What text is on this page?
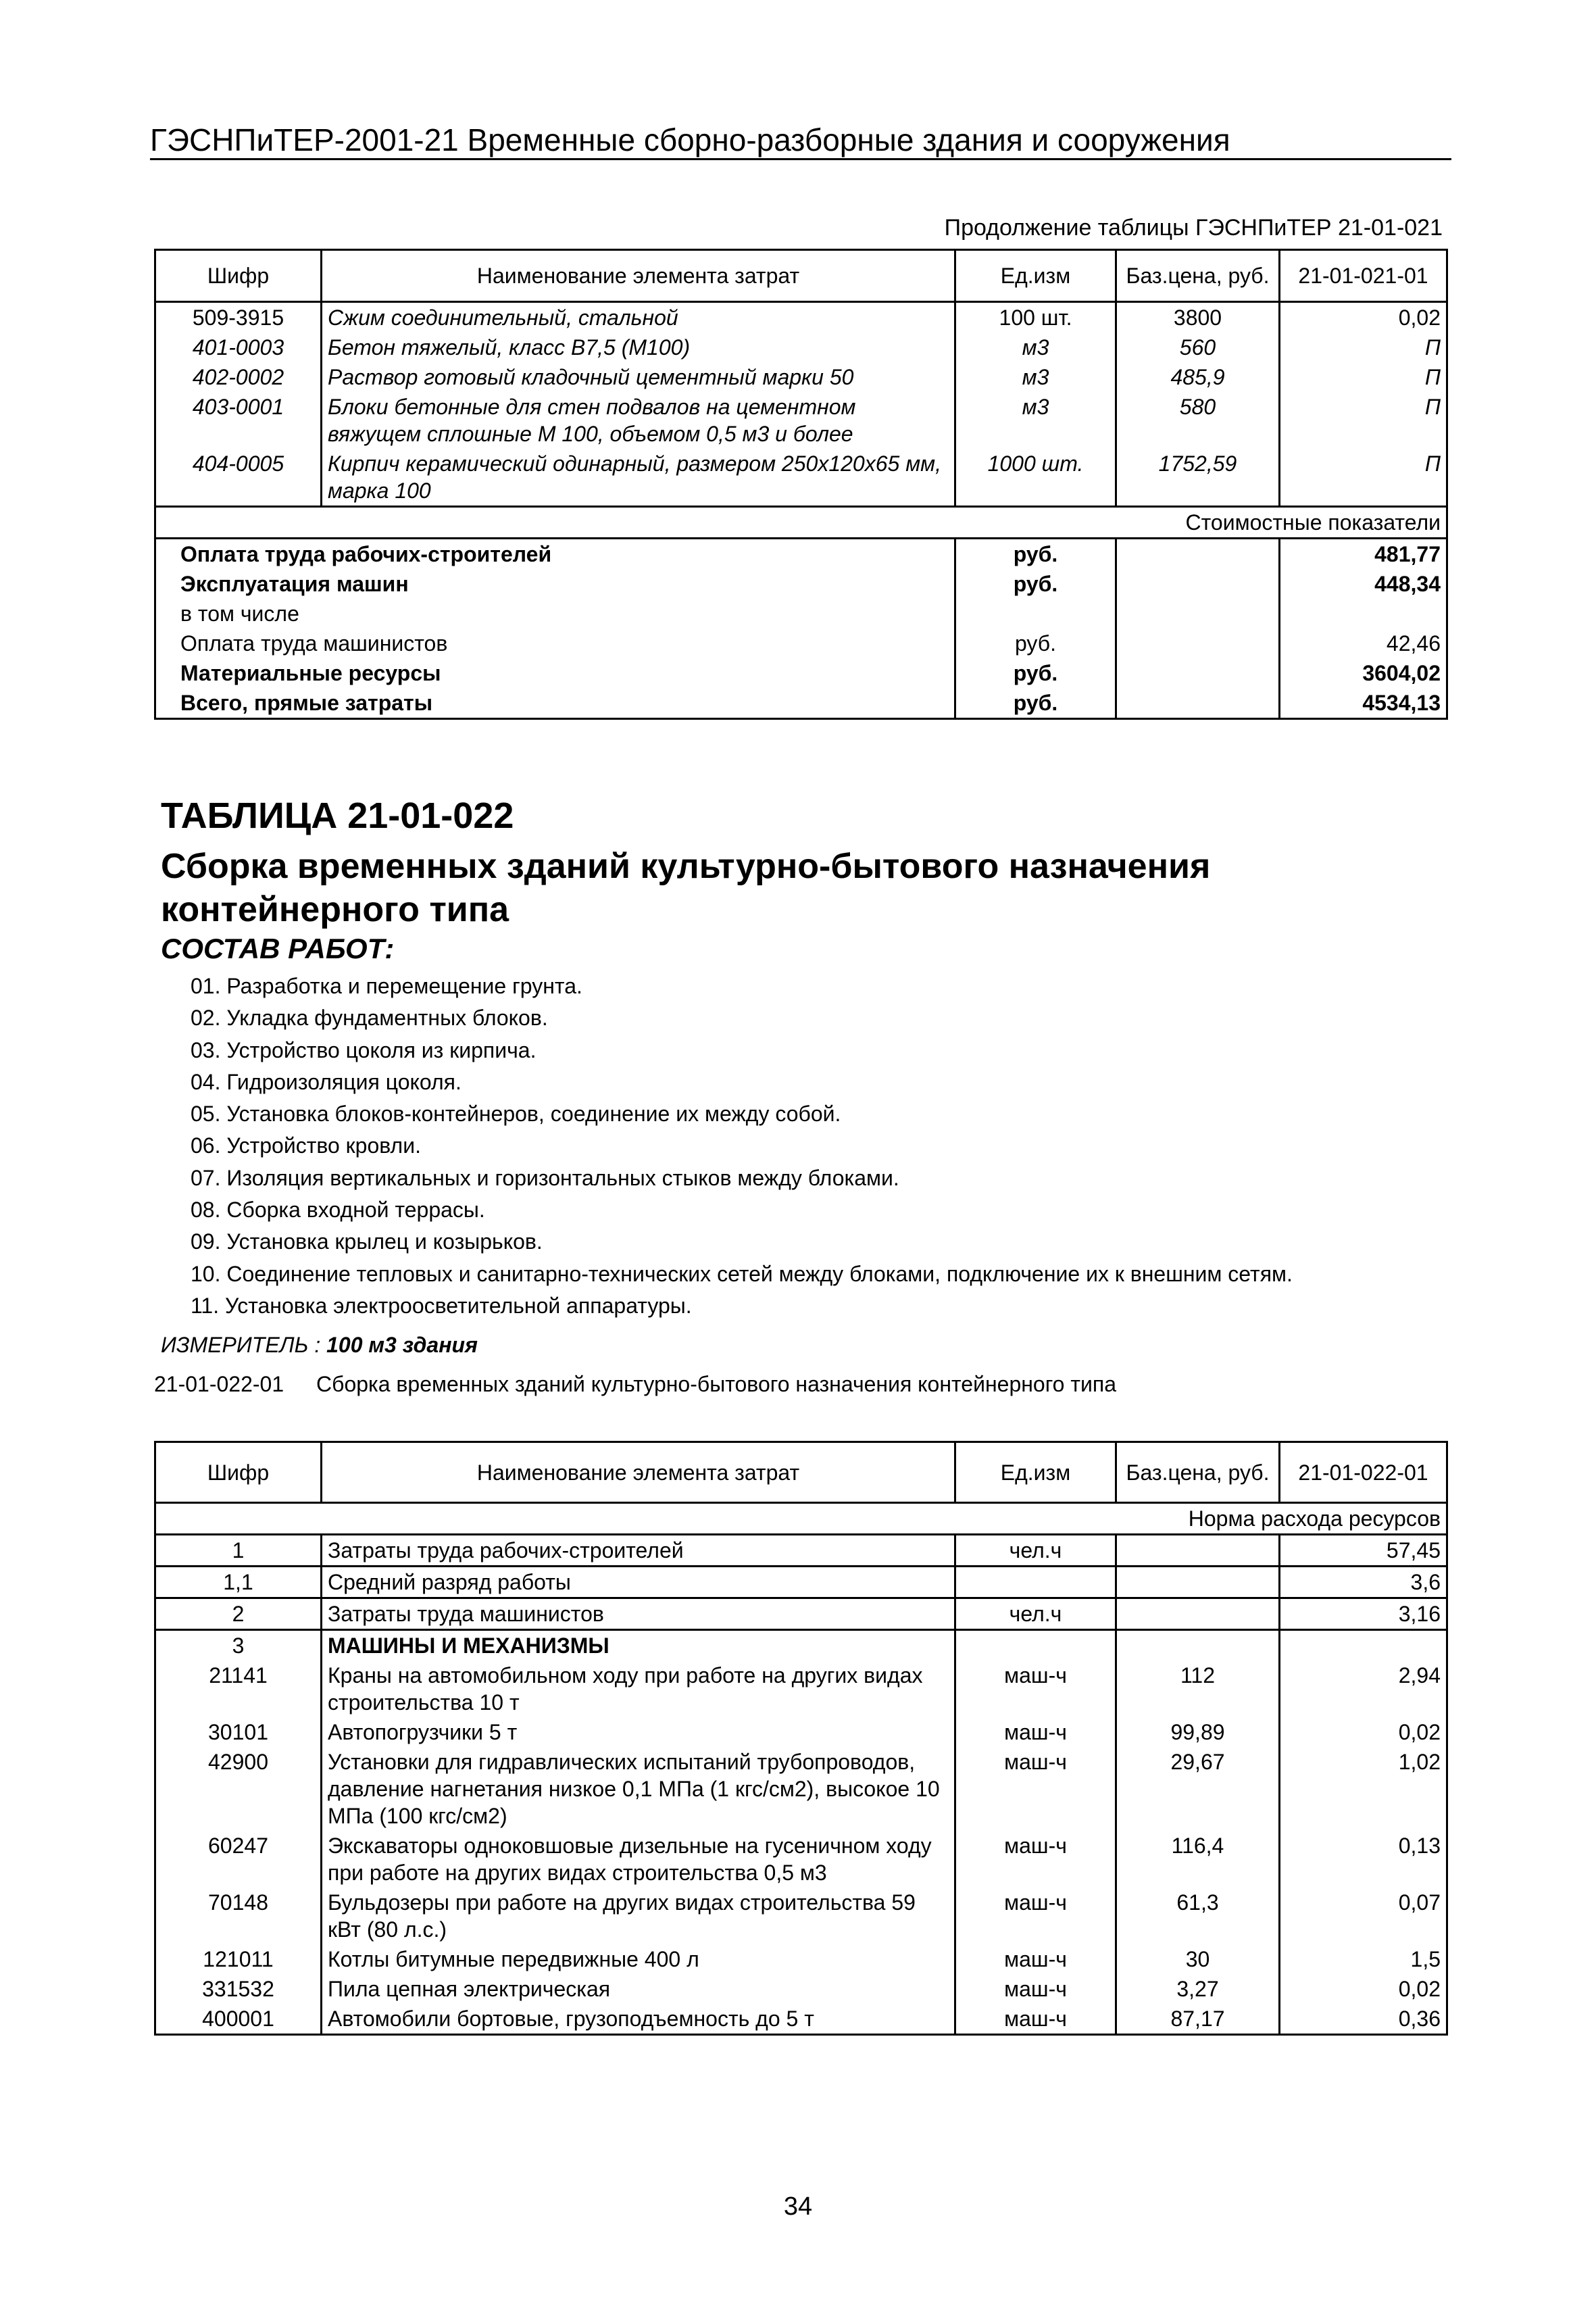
ГЭСНПиТЕР-2001-21 Временные сборно-разборные здания и сооружения
Продолжение таблицы ГЭСНПиТЕР 21-01-021
Шифр	Наименование элемента затрат	Ед.изм	Баз.цена, руб.	21-01-021-01
509-3915	Сжим соединительный, стальной	100 шт.	3800	0,02
401-0003	Бетон тяжелый, класс В7,5 (М100)	м3	560	П
402-0002	Раствор готовый кладочный цементный марки 50	м3	485,9	П
403-0001	Блоки бетонные для стен подвалов на цементном вяжущем сплошные М 100, объемом 0,5 м3 и более	м3	580	П
404-0005	Кирпич керамический одинарный, размером 250х120х65 мм, марка 100	1000 шт.	1752,59	П
Стоимостные показатели				
Оплата труда рабочих-строителей		руб.		481,77
Эксплуатация машин		руб.		448,34
в том числе				
Оплата труда машинистов		руб.		42,46
Материальные ресурсы		руб.		3604,02
Всего, прямые затраты		руб.		4534,13
ТАБЛИЦА 21-01-022
Сборка временных зданий культурно-бытового назначения контейнерного типа
СОСТАВ РАБОТ:
01. Разработка и перемещение грунта.
02. Укладка фундаментных блоков.
03. Устройство цоколя из кирпича.
04. Гидроизоляция цоколя.
05. Установка блоков-контейнеров, соединение их между собой.
06. Устройство кровли.
07. Изоляция вертикальных и горизонтальных стыков между блоками.
08. Сборка входной террасы.
09. Установка крылец и козырьков.
10. Соединение тепловых и санитарно-технических сетей между блоками, подключение их к внешним сетям.
11. Установка электроосветительной аппаратуры.
ИЗМЕРИТЕЛЬ : 100 м3 здания
21-01-022-01 Сборка временных зданий культурно-бытового назначения контейнерного типа
Шифр	Наименование элемента затрат	Ед.изм	Баз.цена, руб.	21-01-022-01
Норма расхода ресурсов				
1	Затраты труда рабочих-строителей	чел.ч		57,45
1,1	Средний разряд работы			3,6
2	Затраты труда машинистов	чел.ч		3,16
3	МАШИНЫ И МЕХАНИЗМЫ			
21141	Краны на автомобильном ходу при работе на других видах строительства 10 т	маш-ч	112	2,94
30101	Автопогрузчики 5 т	маш-ч	99,89	0,02
42900	Установки для гидравлических испытаний трубопроводов, давление нагнетания низкое 0,1 МПа (1 кгс/см2), высокое 10 МПа (100 кгс/см2)	маш-ч	29,67	1,02
60247	Экскаваторы одноковшовые дизельные на гусеничном ходу при работе на других видах строительства 0,5 м3	маш-ч	116,4	0,13
70148	Бульдозеры при работе на других видах строительства 59 кВт (80 л.с.)	маш-ч	61,3	0,07
121011	Котлы битумные передвижные 400 л	маш-ч	30	1,5
331532	Пила цепная электрическая	маш-ч	3,27	0,02
400001	Автомобили бортовые, грузоподъемность до 5 т	маш-ч	87,17	0,36
34
